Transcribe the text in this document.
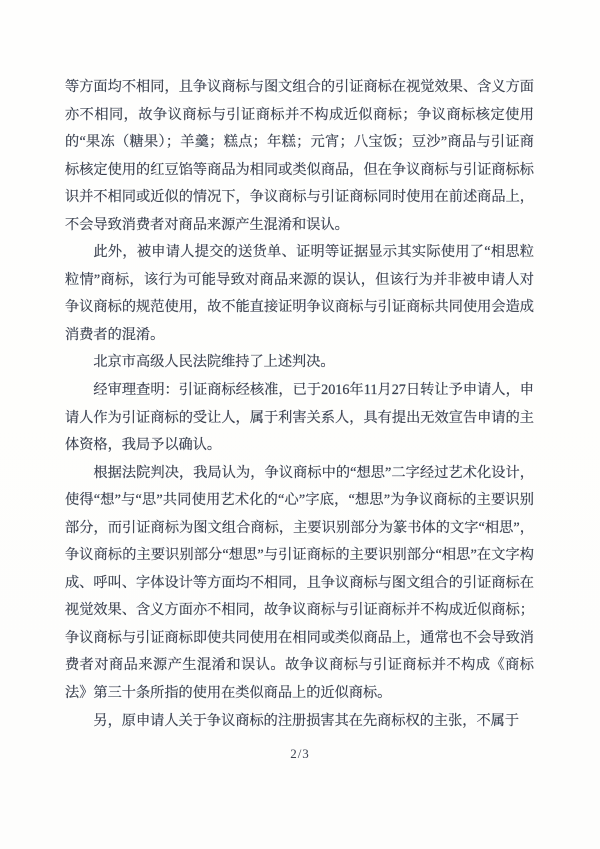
等方面均不相同，且争议商标与图文组合的引证商标在视觉效果、含义方面亦不相同，故争议商标与引证商标并不构成近似商标；争议商标核定使用的“果冻（糖果）；羊羹；糕点；年糕；元宵；八宝饭；豆沙”商品与引证商标核定使用的红豆馅等商品为相同或类似商品，但在争议商标与引证商标标识并不相同或近似的情况下，争议商标与引证商标同时使用在前述商品上，不会导致消费者对商品来源产生混淆和误认。

此外，被申请人提交的送货单、证明等证据显示其实际使用了“相思粒粒情”商标，该行为可能导致对商品来源的误认，但该行为并非被申请人对争议商标的规范使用，故不能直接证明争议商标与引证商标共同使用会造成消费者的混淆。

北京市高级人民法院维持了上述判决。

经审理查明：引证商标经核准，已于2016年11月27日转让予申请人，申请人作为引证商标的受让人，属于利害关系人，具有提出无效宣告申请的主体资格，我局予以确认。

根据法院判决，我局认为，争议商标中的“想思”二字经过艺术化设计，使得“想”与“思”共同使用艺术化的“心”字底，“想思”为争议商标的主要识别部分，而引证商标为图文组合商标，主要识别部分为篆书体的文字“相思”，争议商标的主要识别部分“想思”与引证商标的主要识别部分“相思”在文字构成、呼叫、字体设计等方面均不相同，且争议商标与图文组合的引证商标在视觉效果、含义方面亦不相同，故争议商标与引证商标并不构成近似商标；争议商标与引证商标即使共同使用在相同或类似商品上，通常也不会导致消费者对商品来源产生混淆和误认。故争议商标与引证商标并不构成《商标法》第三十条所指的使用在类似商品上的近似商标。

另，原申请人关于争议商标的注册损害其在先商标权的主张，不属于

2/3
